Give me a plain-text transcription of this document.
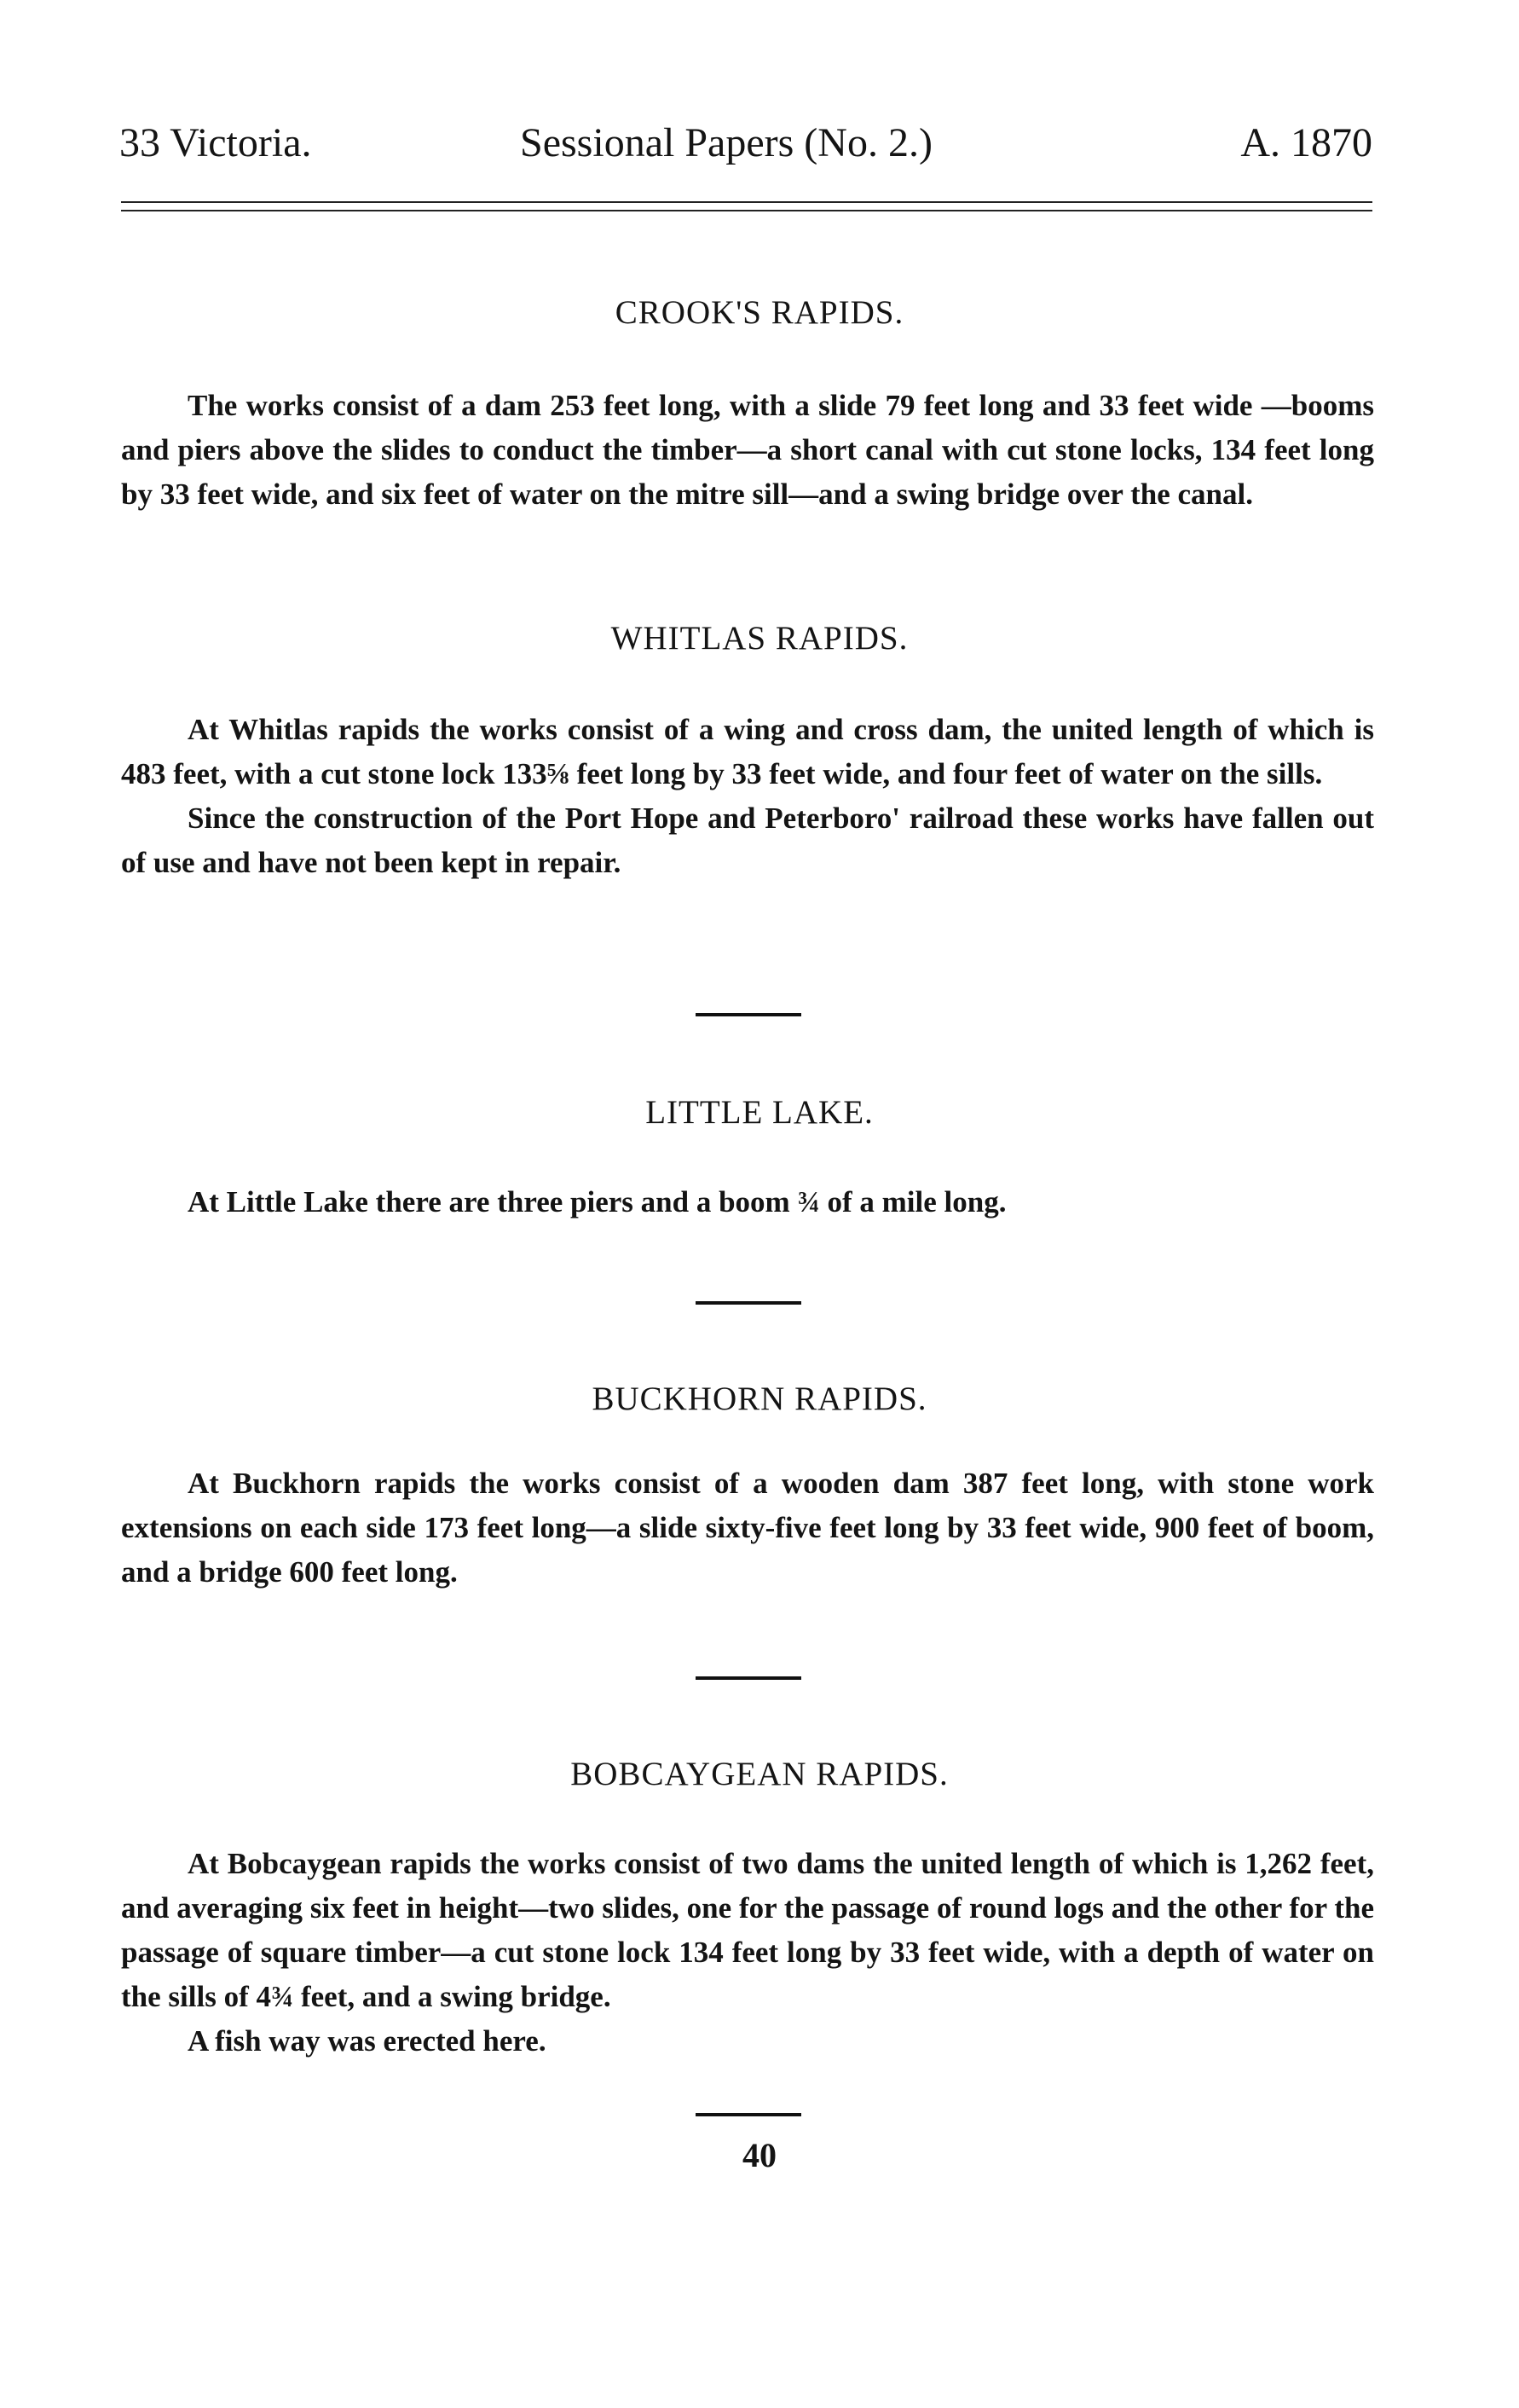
33 Victoria.	Sessional Papers (No. 2.)	A. 1870
CROOK'S RAPIDS.

The works consist of a dam 253 feet long, with a slide 79 feet long and 33 feet wide —booms and piers above the slides to conduct the timber—a short canal with cut stone locks, 134 feet long by 33 feet wide, and six feet of water on the mitre sill—and a swing bridge over the canal.

WHITLAS RAPIDS.

At Whitlas rapids the works consist of a wing and cross dam, the united length of which is 483 feet, with a cut stone lock 133⅝ feet long by 33 feet wide, and four feet of water on the sills.

Since the construction of the Port Hope and Peterboro' railroad these works have fallen out of use and have not been kept in repair.

LITTLE LAKE.

At Little Lake there are three piers and a boom ¾ of a mile long.

BUCKHORN RAPIDS.

At Buckhorn rapids the works consist of a wooden dam 387 feet long, with stone work extensions on each side 173 feet long—a slide sixty-five feet long by 33 feet wide, 900 feet of boom, and a bridge 600 feet long.

BOBCAYGEAN RAPIDS.

At Bobcaygean rapids the works consist of two dams the united length of which is 1,262 feet, and averaging six feet in height—two slides, one for the passage of round logs and the other for the passage of square timber—a cut stone lock 134 feet long by 33 feet wide, with a depth of water on the sills of 4¾ feet, and a swing bridge.

A fish way was erected here.

40
